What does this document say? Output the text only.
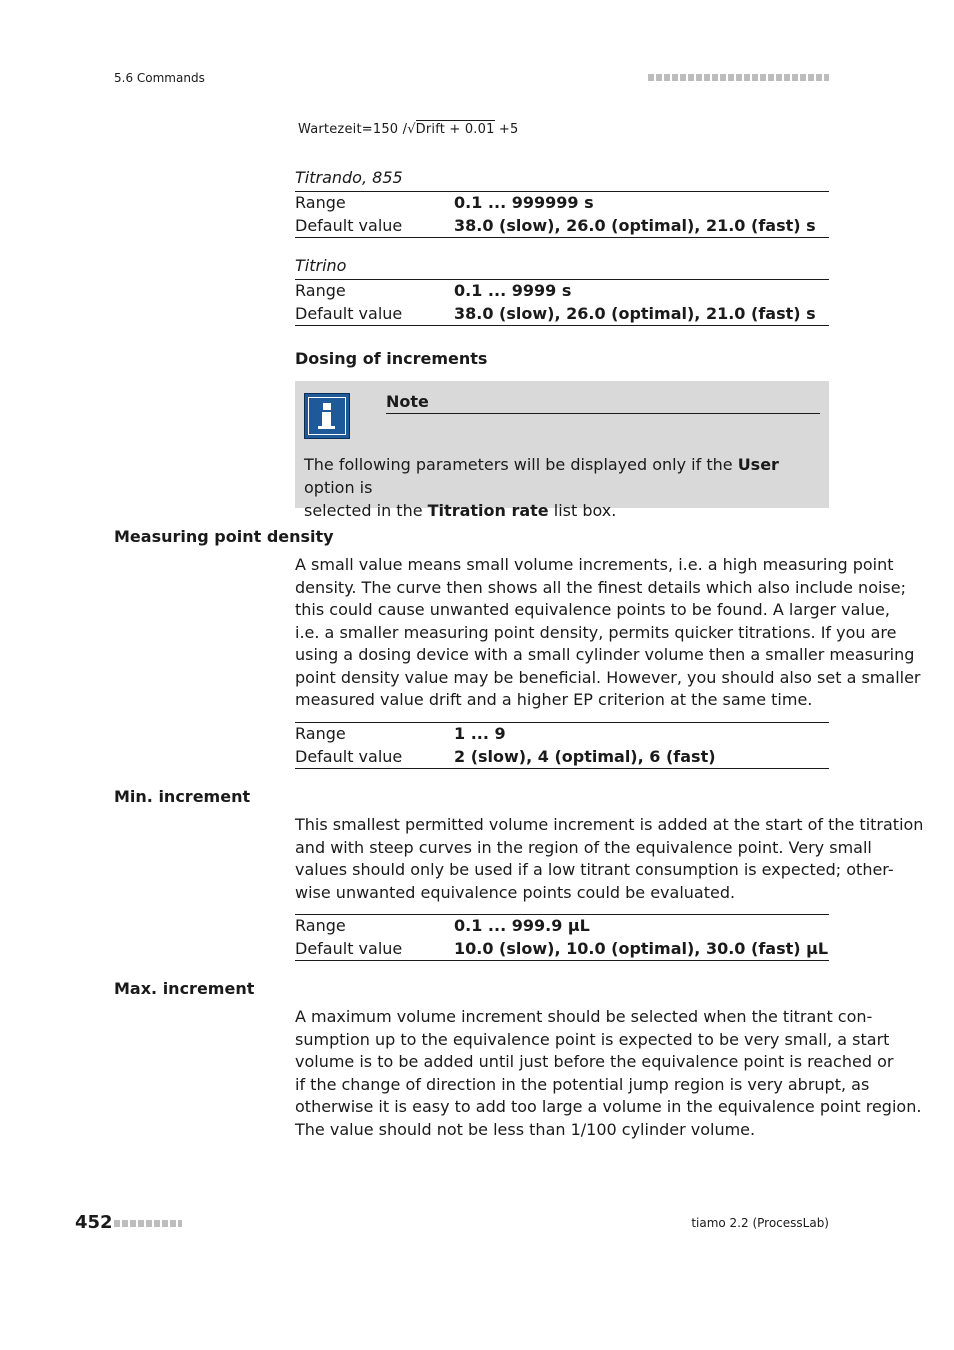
5.6 Commands
Wartezeit=150 /√Drift + 0.01 +5
Titrando, 855
Range	0.1 ... 999999 s
Default value	38.0 (slow), 26.0 (optimal), 21.0 (fast) s
Titrino
Range	0.1 ... 9999 s
Default value	38.0 (slow), 26.0 (optimal), 21.0 (fast) s
Dosing of increments
Note
The following parameters will be displayed only if the User option is
selected in the Titration rate list box.
Measuring point density
A small value means small volume increments, i.e. a high measuring point
density. The curve then shows all the finest details which also include noise;
this could cause unwanted equivalence points to be found. A larger value,
i.e. a smaller measuring point density, permits quicker titrations. If you are
using a dosing device with a small cylinder volume then a smaller measuring
point density value may be beneficial. However, you should also set a smaller
measured value drift and a higher EP criterion at the same time.
Range	1 ... 9
Default value	2 (slow), 4 (optimal), 6 (fast)
Min. increment
This smallest permitted volume increment is added at the start of the titration
and with steep curves in the region of the equivalence point. Very small
values should only be used if a low titrant consumption is expected; other-
wise unwanted equivalence points could be evaluated.
Range	0.1 ... 999.9 µL
Default value	10.0 (slow), 10.0 (optimal), 30.0 (fast) µL
Max. increment
A maximum volume increment should be selected when the titrant con-
sumption up to the equivalence point is expected to be very small, a start
volume is to be added until just before the equivalence point is reached or
if the change of direction in the potential jump region is very abrupt, as
otherwise it is easy to add too large a volume in the equivalence point region.
The value should not be less than 1/100 cylinder volume.
452	tiamo 2.2 (ProcessLab)
